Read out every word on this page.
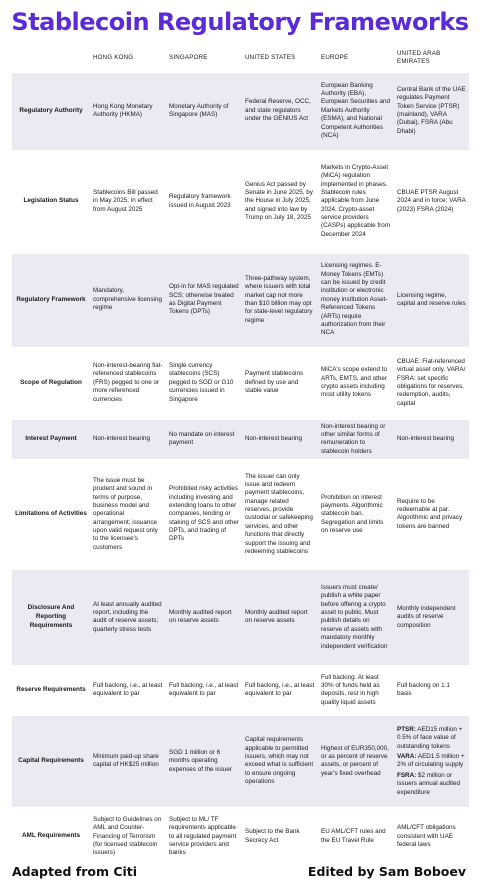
Stablecoin Regulatory Frameworks
	HONG KONG	SINGAPORE	UNITED STATES	EUROPE	UNITED ARAB EMIRATES
Regulatory Authority	Hong Kong Monetary Authority (HKMA)	Monetary Authority of Singapore (MAS)	Federal Reserve, OCC, and state regulators under the GENIUS Act	European Banking Authority (EBA), European Securities and Markets Authority (ESMA), and National Competent Authorities (NCA)	Central Bank of the UAE regulates Payment Token Service (PTSR) (mainland), VARA (Dubai), FSRA (Abu Dhabi)
Legislation Status	Stablecoins Bill passed in May 2025; in effect from August 2025	Regulatory framework issued in August 2023	Genius Act passed by Senate in June 2025, by the House in July 2025, and signed into law by Trump on July 18, 2025	Markets in Crypto-Asset (MiCA) regulation implemented in phases. Stablecoin rules applicable from June 2024. Crypto-asset service providers (CASPs) applicable from December 2024	CBUAE PTSR August 2024 and in force; VARA (2023) FSRA (2024)
Regulatory Framework	Mandatory, comprehensive licensing regime	Opt-in for MAS regulated SCS; otherwise treated as Digital Payment Tokens (DPTs)	Three-pathway system, where issuers with total market cap not more than $10 billion may opt for state-level regulatory regime	Licensing regimes. E-Money Tokens (EMTs) can be issued by credit institution or electronic money institution Asset-Referenced Tokens (ARTs) require authorization from their NCA	Licensing regime, capital and reserve rules
Scope of Regulation	Non-interest-bearing fiat-referenced stablecoins (FRS) pegged to one or more referenced currencies	Single currency stablecoins (SCS) pegged to SGD or G10 currencies issued in Singapore	Payment stablecoins defined by use and stable value	MiCA's scope extend to ARTs, EMTS, and other crypto assets including most utility tokens	CBUAE: Fiat-referenced virtual asset only. VARA/ FSRA: set specific obligations for reserves, redemption, audits, capital
Interest Payment	Non-interest bearing	No mandate on interest payment	Non-interest bearing	Non-interest bearing or other similar forms of remuneration to stablecoin holders	Non-interest bearing
Limitations of Activities	The issue must be prudent and sound in terms of purpose, business model and operational arrangement; issuance upon valid request only to the licensee's customers	Prohibited risky activities including investing and extending loans to other companies, lending or staking of SCS and other DPTs, and trading of DPTs	The issuer can only issue and redeem payment stablecoins, manage related reserves, provide custodial or safekeeping services, and other functions that directly support the issuing and redeeming stablecoins	Prohibition on interest payments. Algorithmic stablecoin ban. Segregation and limits on reserve use	Require to be redeemable at par. Algorithmic and privacy tokens are banned
Disclosure And Reporting Requirements	At least annually audited report, including the audit of reserve assets; quarterly stress tests	Monthly audited report on reserve assets	Monthly audited report on reserve assets	Issuers must create/ publish a white paper before offering a crypto asset to public. Must publish details on reserve of assets with mandatory monthly independent verification	Monthly independent audits of reserve composition
Reserve Requirements	Full backing, i.e., at least equivalent to par	Full backing, i.e., at least equivalent to par	Full backing, i.e., at least equivalent to par	Full backing. At least 30% of funds held as deposits, rest in high quality liquid assets	Full backing on 1:1 basis
Capital Requirements	Minimum paid-up share capital of HK$25 million	SGD 1 million or 6 months operating expenses of the issuer	Capital requirements applicable to permitted issuers, which may not exceed what is sufficient to ensure ongoing operations	Highest of EUR350,000, or as percent of reserve assets, or percent of year's fixed overhead	PTSR: AED15 million + 0.5% of face value of outstanding tokens
VARA: AED1.5 million + 2% of circulating supply
FSRA: $2 million or issuers annual audited expenditure

AML Requirements	Subject to Guidelines on AML and Counter-Financing of Terrorism (for licensed stablecoin issuers)	Subject to ML/ TF requirements applicable to all regulated payment service providers and banks	Subject to the Bank Secrecy Act	EU AML/CFT rules and the EU Travel Rule	AML/CFT obligations consistent with UAE federal laws
Adapted from Citi	Edited by Sam Boboev
